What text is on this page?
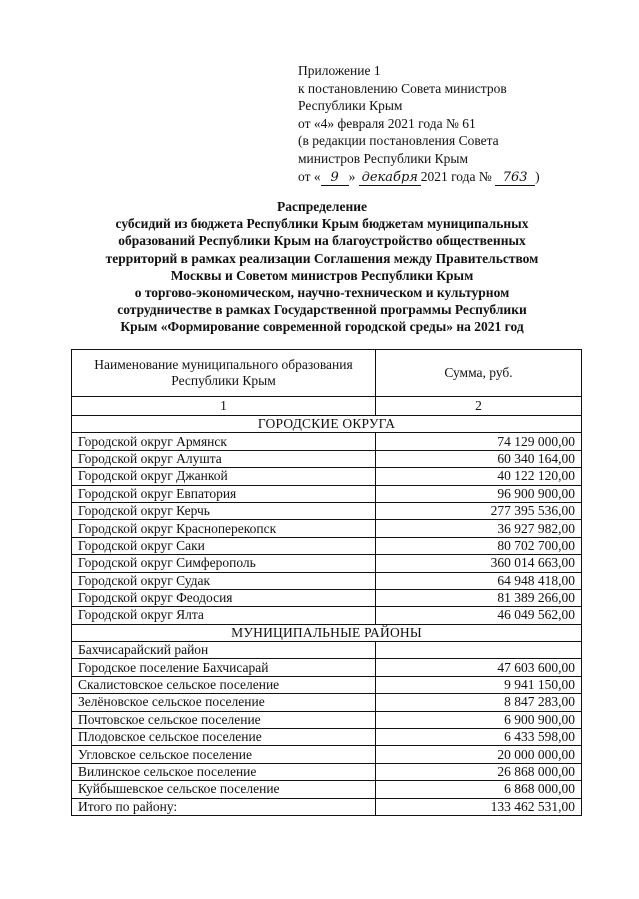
Приложение 1
к постановлению Совета министров
Республики Крым
от «4» февраля 2021 года № 61
(в редакции постановления Совета
министров Республики Крым
от « 9 » декабря 2021 года № 763 )
Распределение
субсидий из бюджета Республики Крым бюджетам муниципальных
образований Республики Крым на благоустройство общественных
территорий в рамках реализации Соглашения между Правительством
Москвы и Советом министров Республики Крым
о торгово-экономическом, научно-техническом и культурном
сотрудничестве в рамках Государственной программы Республики
Крым «Формирование современной городской среды» на 2021 год
Наименование муниципального образования Республики Крым	Сумма, руб.
1	2
ГОРОДСКИЕ ОКРУГА	
Городской округ Армянск	74 129 000,00
Городской округ Алушта	60 340 164,00
Городской округ Джанкой	40 122 120,00
Городской округ Евпатория	96 900 900,00
Городской округ Керчь	277 395 536,00
Городской округ Красноперекопск	36 927 982,00
Городской округ Саки	80 702 700,00
Городской округ Симферополь	360 014 663,00
Городской округ Судак	64 948 418,00
Городской округ Феодосия	81 389 266,00
Городской округ Ялта	46 049 562,00
МУНИЦИПАЛЬНЫЕ РАЙОНЫ	
Бахчисарайский район	
Городское поселение Бахчисарай	47 603 600,00
Скалистовское сельское поселение	9 941 150,00
Зелёновское сельское поселение	8 847 283,00
Почтовское сельское поселение	6 900 900,00
Плодовское сельское поселение	6 433 598,00
Угловское сельское поселение	20 000 000,00
Вилинское сельское поселение	26 868 000,00
Куйбышевское сельское поселение	6 868 000,00
Итого по району:	133 462 531,00
